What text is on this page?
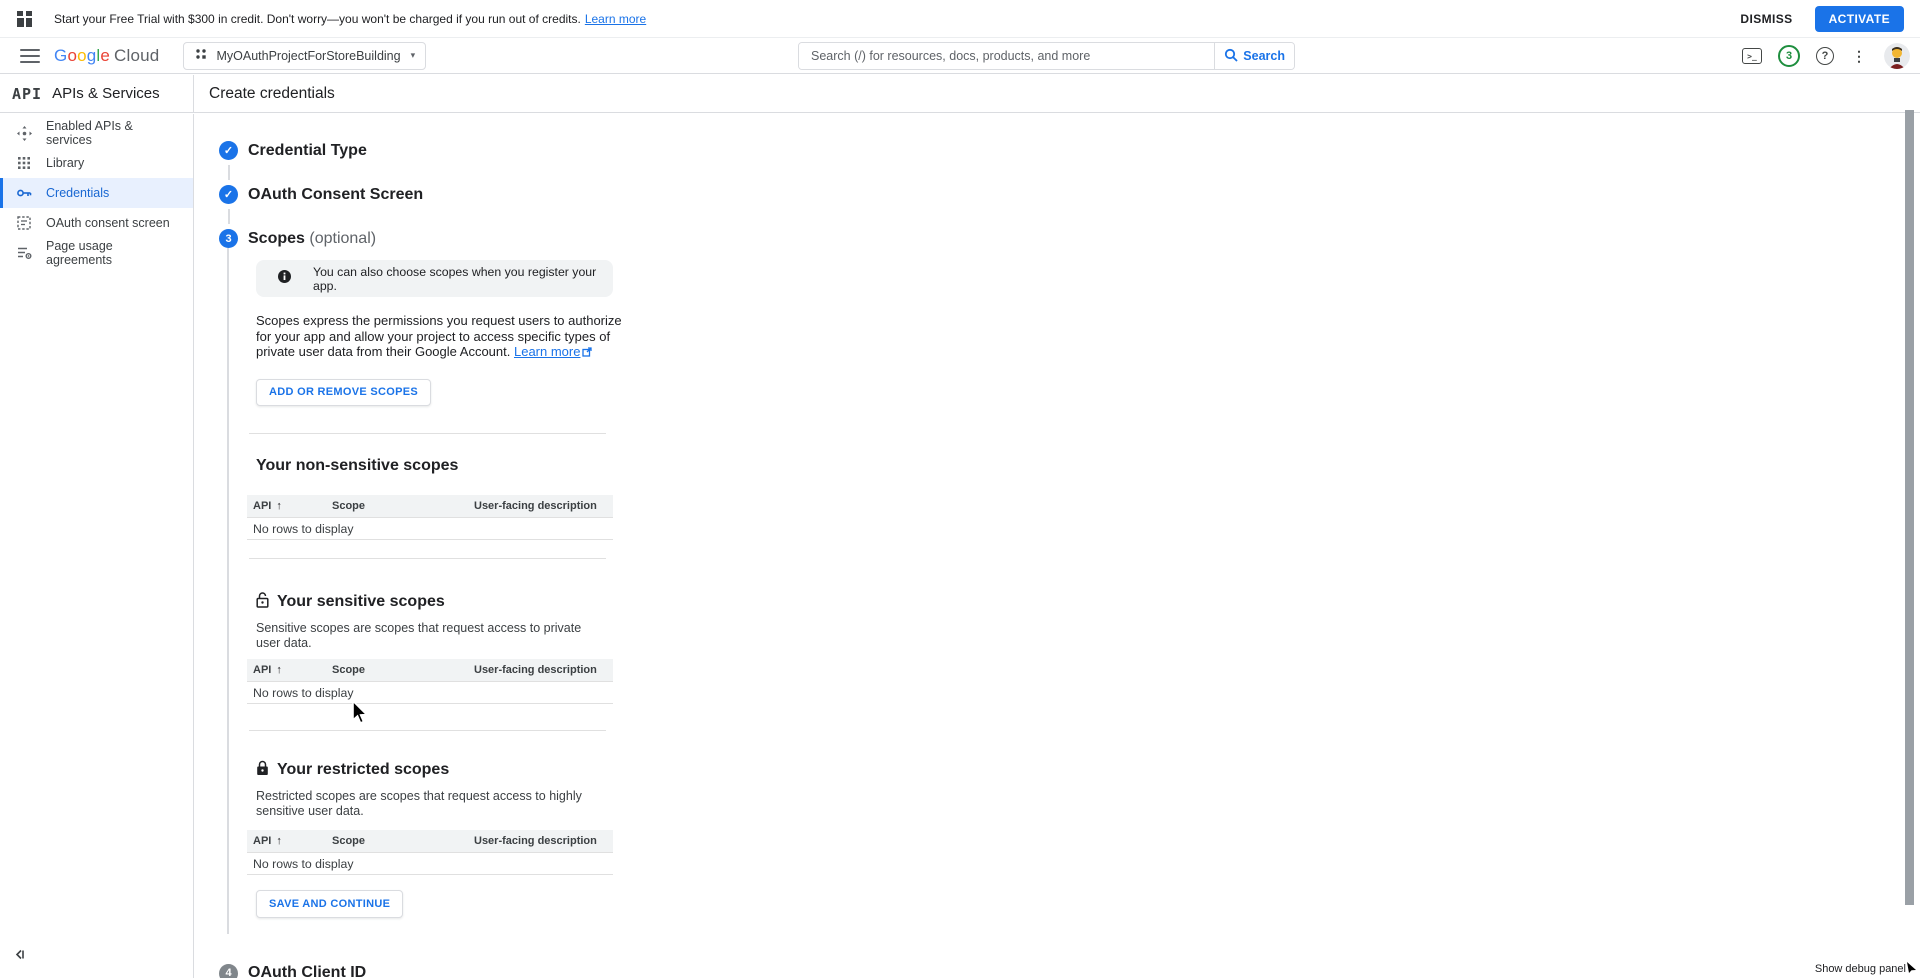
Start your Free Trial with $300 in credit. Don't worry—you won't be charged if you run out of credits. Learn more	DISMISS	ACTIVATE
Google Cloud	MyOAuthProjectForStoreBuilding ▾
Search (/) for resources, docs, products, and more	Search	>_	3	?	⋮
API APIs & Services	Create credentials
Enabled APIs & services
Library
Credentials
OAuth consent screen
Page usage agreements
✓ Credential Type
✓ OAuth Consent Screen
3	Scopes (optional)
You can also choose scopes when you register your app.

Scopes express the permissions you request users to authorize for your app and allow your project to access specific types of private user data from their Google Account. Learn more

ADD OR REMOVE SCOPES
Your non-sensitive scopes
API ↑	Scope	User-facing description
No rows to display
Your sensitive scopes
Sensitive scopes are scopes that request access to private user data.
API ↑	Scope	User-facing description
No rows to display
Your restricted scopes
Restricted scopes are scopes that request access to highly sensitive user data.
API ↑	Scope	User-facing description
No rows to display
SAVE AND CONTINUE
4	OAuth Client ID	Show debug panel
